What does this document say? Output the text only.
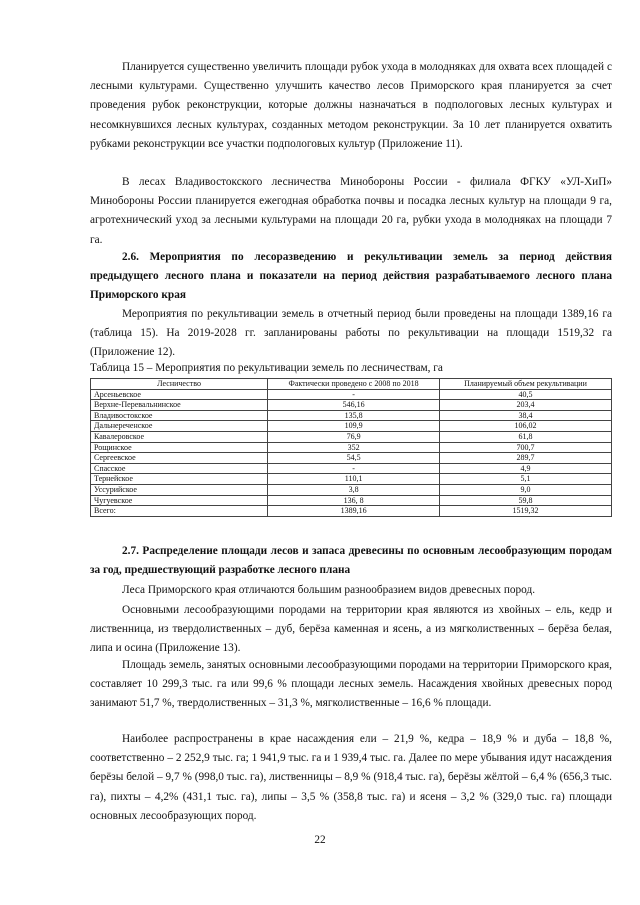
Планируется существенно увеличить площади рубок ухода в молодняках для охвата всех площадей с лесными культурами. Существенно улучшить качество лесов Приморского края планируется за счет проведения рубок реконструкции, которые должны назначаться в подпологовых лесных культурах и несомкнувшихся лесных культурах, созданных методом реконструкции. За 10 лет планируется охватить рубками реконструкции все участки подпологовых культур (Приложение 11).

В лесах Владивостокского лесничества Минобороны России - филиала ФГКУ «УЛ-ХиП» Минобороны России планируется ежегодная обработка почвы и посадка лесных культур на площади 9 га, агротехнический уход за лесными культурами на площади 20 га, рубки ухода в молодняках на площади 7 га.

2.6. Мероприятия по лесоразведению и рекультивации земель за период действия предыдущего лесного плана и показатели на период действия разрабатываемого лесного плана Приморского края

Мероприятия по рекультивации земель в отчетный период были проведены на площади 1389,16 га (таблица 15). На 2019-2028 гг. запланированы работы по рекультивации на площади 1519,32 га (Приложение 12).

Таблица 15 – Мероприятия по рекультивации земель по лесничествам, га

Лесничество	Фактически проведено с 2008 по 2018	Планируемый объем рекультивации
Арсеньевское	-	40,5
Верхне-Перевальнинское	546,16	203,4
Владивостокское	135,8	38,4
Дальнереченское	109,9	106,02
Кавалеровское	76,9	61,8
Рощинское	352	700,7
Сергеевское	54,5	289,7
Спасское	-	4,9
Тернейское	110,1	5,1
Уссурийское	3,8	9,0
Чугуевское	136, 8	59,8
Всего:	1389,16	1519,32

2.7. Распределение площади лесов и запаса древесины по основным лесообразующим породам за год, предшествующий разработке лесного плана

Леса Приморского края отличаются большим разнообразием видов древесных пород.

Основными лесообразующими породами на территории края являются из хвойных – ель, кедр и лиственница, из твердолиственных – дуб, берёза каменная и ясень, а из мягколиственных – берёза белая, липа и осина (Приложение 13).

Площадь земель, занятых основными лесообразующими породами на территории Приморского края, составляет 10 299,3 тыс. га или 99,6 % площади лесных земель. Насаждения хвойных древесных пород занимают 51,7 %, твердолиственных – 31,3 %, мягколиственные – 16,6 % площади.

Наиболее распространены в крае насаждения ели – 21,9 %, кедра – 18,9 % и дуба – 18,8 %, соответственно – 2 252,9 тыс. га; 1 941,9 тыс. га и 1 939,4 тыс. га. Далее по мере убывания идут насаждения берёзы белой – 9,7 % (998,0 тыс. га), лиственницы – 8,9 % (918,4 тыс. га), берёзы жёлтой – 6,4 % (656,3 тыс. га), пихты – 4,2% (431,1 тыс. га), липы – 3,5 % (358,8 тыс. га) и ясеня – 3,2 % (329,0 тыс. га) площади основных лесообразующих пород.

22
